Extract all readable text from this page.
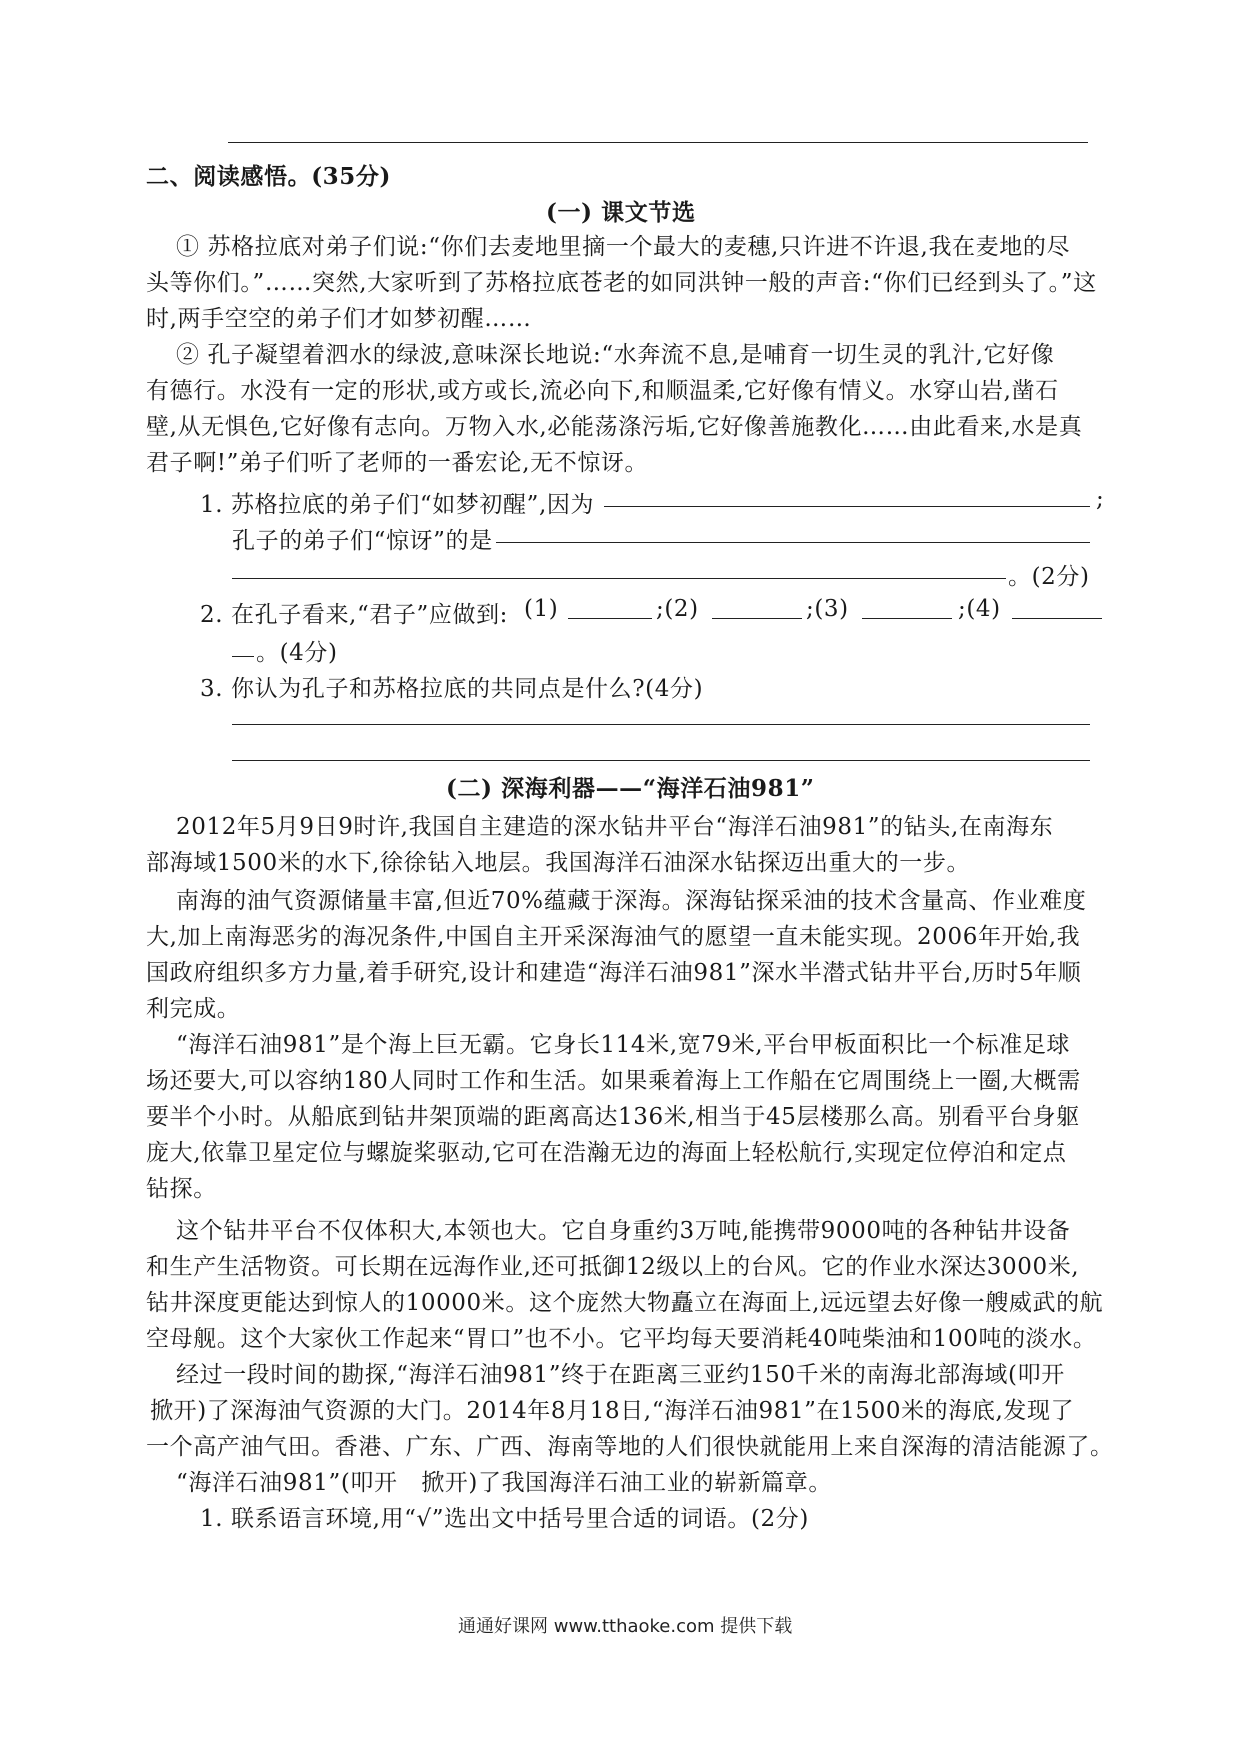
二、阅读感悟。(35分)
(一) 课文节选
① 苏格拉底对弟子们说:“你们去麦地里摘一个最大的麦穗,只许进不许退,我在麦地的尽
头等你们。”……突然,大家听到了苏格拉底苍老的如同洪钟一般的声音:“你们已经到头了。”这
时,两手空空的弟子们才如梦初醒……
② 孔子凝望着泗水的绿波,意味深长地说:“水奔流不息,是哺育一切生灵的乳汁,它好像
有德行。水没有一定的形状,或方或长,流必向下,和顺温柔,它好像有情义。水穿山岩,凿石
壁,从无惧色,它好像有志向。万物入水,必能荡涤污垢,它好像善施教化……由此看来,水是真
君子啊!”弟子们听了老师的一番宏论,无不惊讶。
1. 苏格拉底的弟子们“如梦初醒”,因为	;
孔子的弟子们“惊讶”的是
。(2分)
2. 在孔子看来,“君子”应做到: (1)	;(2)	;(3)	;(4)
。(4分)
3. 你认为孔子和苏格拉底的共同点是什么?(4分)
(二) 深海利器——“海洋石油981”
2012年5月9日9时许,我国自主建造的深水钻井平台“海洋石油981”的钻头,在南海东
部海域1500米的水下,徐徐钻入地层。我国海洋石油深水钻探迈出重大的一步。
南海的油气资源储量丰富,但近70%蕴藏于深海。深海钻探采油的技术含量高、作业难度
大,加上南海恶劣的海况条件,中国自主开采深海油气的愿望一直未能实现。2006年开始,我
国政府组织多方力量,着手研究,设计和建造“海洋石油981”深水半潜式钻井平台,历时5年顺
利完成。
“海洋石油981”是个海上巨无霸。它身长114米,宽79米,平台甲板面积比一个标准足球
场还要大,可以容纳180人同时工作和生活。如果乘着海上工作船在它周围绕上一圈,大概需
要半个小时。从船底到钻井架顶端的距离高达136米,相当于45层楼那么高。别看平台身躯
庞大,依靠卫星定位与螺旋桨驱动,它可在浩瀚无边的海面上轻松航行,实现定位停泊和定点
钻探。
这个钻井平台不仅体积大,本领也大。它自身重约3万吨,能携带9000吨的各种钻井设备
和生产生活物资。可长期在远海作业,还可抵御12级以上的台风。它的作业水深达3000米,
钻井深度更能达到惊人的10000米。这个庞然大物矗立在海面上,远远望去好像一艘威武的航
空母舰。这个大家伙工作起来“胃口”也不小。它平均每天要消耗40吨柴油和100吨的淡水。
经过一段时间的勘探,“海洋石油981”终于在距离三亚约150千米的南海北部海域(叩开
掀开)了深海油气资源的大门。2014年8月18日,“海洋石油981”在1500米的海底,发现了
一个高产油气田。香港、广东、广西、海南等地的人们很快就能用上来自深海的清洁能源了。
“海洋石油981”(叩开　掀开)了我国海洋石油工业的崭新篇章。
1. 联系语言环境,用“√”选出文中括号里合适的词语。(2分)
通通好课网 www.tthaoke.com 提供下载
